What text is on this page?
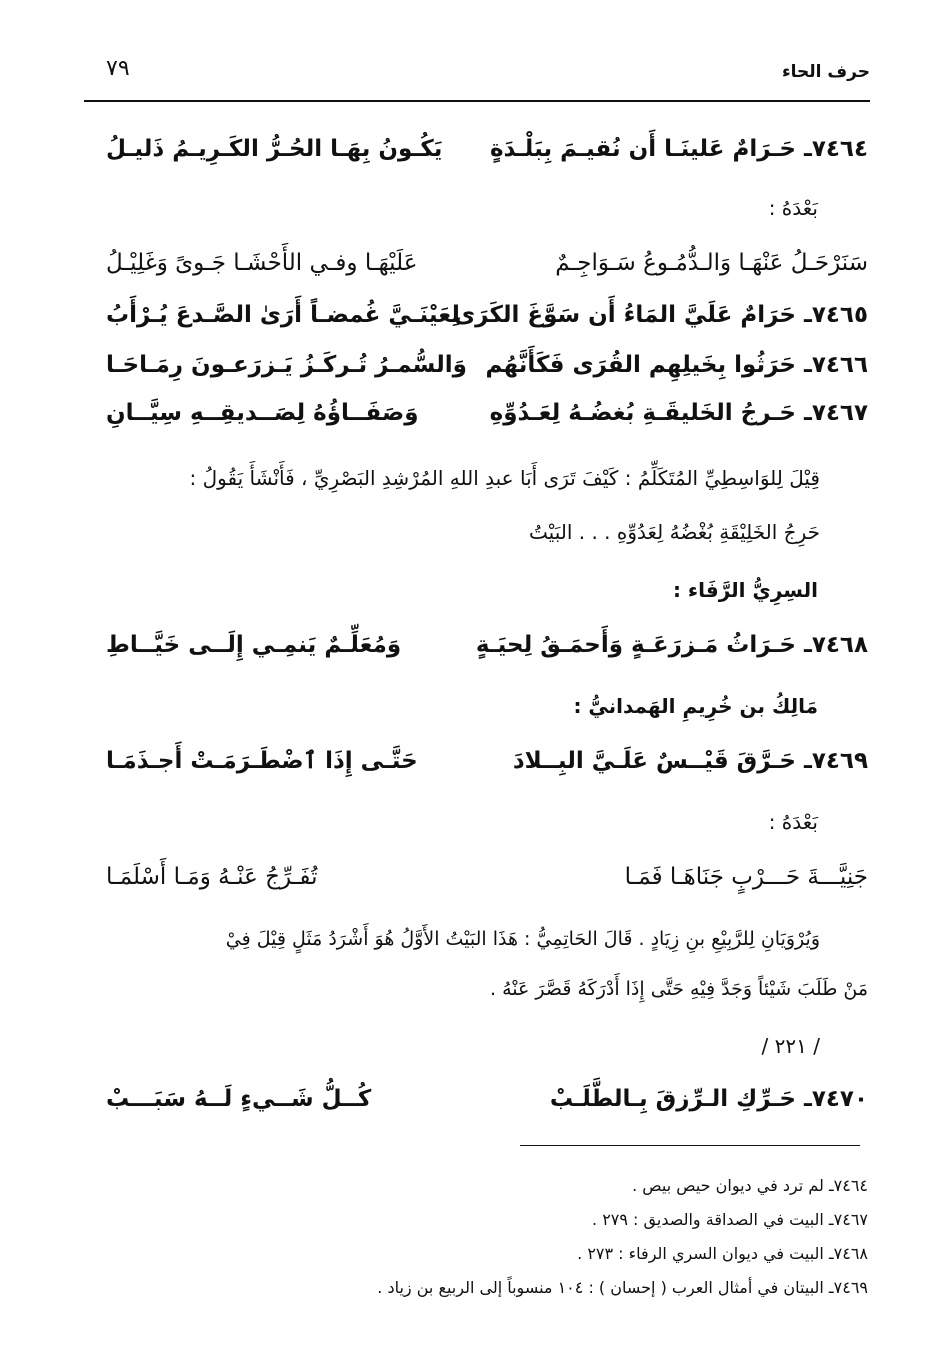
حرف الحاء
٧٩
٧٤٦٤ـ حَـرَامٌ عَلينَـا أَن نُقيـمَ بِبَلْـدَةٍ
يَكُـونُ بِهَـا الحُـرُّ الكَـرِيـمُ ذَليـلُ
بَعْدَهُ :
سَنَرْحَـلُ عَنْهَـا وَالـدُّمُـوعُ سَـوَاجِـمٌ
عَلَيْهَـا وفـي الأَحْشَـا جَـوىً وَغَلِيْـلُ
٧٤٦٥ـ حَرَامٌ عَلَيَّ المَاءُ أَن سَوَّغَ الكَرَى
لِعَيْنَـيَّ غُمضـاً أَرَىٰ الصَّـدعَ يُـرْأَبُ
٧٤٦٦ـ حَرَثُوا بِخَيلِهِم القُرَى فَكَأَنَّهُم
وَالسُّمـرُ تُـركَـزُ يَـزرَعـونَ رِمَـاحَـا
٧٤٦٧ـ حَـرجُ الخَليقَـةِ بُغضُـهُ لِعَـدُوِّهِ
وَصَفَــاؤُهُ لِصَــديقِــهِ سِيَّــانِ
قِيْلَ لِلوَاسِطِيِّ المُتَكَلِّمُ : كَيْفَ تَرَى أَبَا عبدِ اللهِ المُرْشِدِ البَصْرِيِّ ، فَأَنْشَأَ يَقُولُ :
حَرِجُ الخَلِيْقَةِ بُغْضُهُ لِعَدُوِّهِ . . . البَيْتُ
السِرِيُّ الرَّفَاء :
٧٤٦٨ـ حَـرَاثُ مَـزرَعَـةٍ وَأَحمَـقُ لِحيَـةٍ
وَمُعَلِّـمٌ يَنمِـي إِلَــى خَيَّــاطِ
مَالِكُ بن خُرِيمِ الهَمدانيُّ :
٧٤٦٩ـ حَـرَّقَ قَيْــسٌ عَلَـيَّ البِــلادَ
حَتَّـى إِذَا ٱضْطَـرَمَـتْ أَجـذَمَـا
بَعْدَهُ :
جَنِيَّـــةَ حَـــرْبٍ جَنَاهَـا فَمَـا
تُفَـرِّجُ عَنْـهُ وَمَـا أَسْلَمَـا
وَيُرْوَيَانِ لِلرَّبِيْعِ بنِ زِيَادٍ . قَالَ الحَاتِمِيُّ : هَذَا البَيْتُ الأَوَّلُ هُوَ أَشْرَدُ مَثَلٍ قِيْلَ فِيْ
مَنْ طَلَبَ شَيْئاً وَجَدَّ فِيْهِ حَتَّى إِذَا أَدْرَكَهُ قَصَّرَ عَنْهُ .
/ ٢٢١ /
٧٤٧٠ـ حَـرِّكِ الـرِّزقَ بِـالطَّلَـبْ
كُــلُّ شَــيءٍ لَــهُ سَبَـــبْ
٧٤٦٤ـ لم ترد في ديوان حيص بيص .
٧٤٦٧ـ البيت في الصداقة والصديق : ٢٧٩ .
٧٤٦٨ـ البيت في ديوان السري الرفاء : ٢٧٣ .
٧٤٦٩ـ البيتان في أمثال العرب ( إحسان ) : ١٠٤ منسوباً إلى الربيع بن زياد .
